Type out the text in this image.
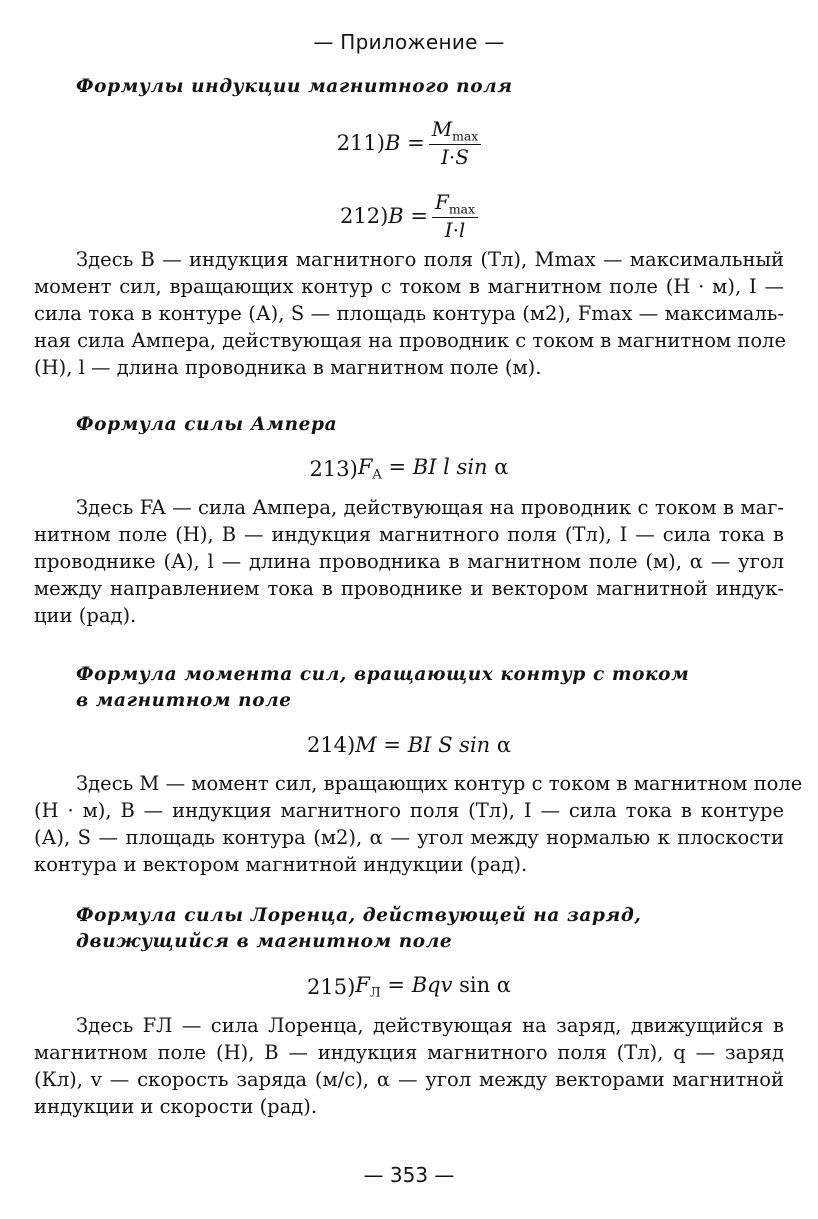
— Приложение —
Формулы индукции магнитного поля
211) $B = \frac{M_{max}}{I\cdot S}$
212) $B = \frac{F_{max}}{I\cdot l}$
Здесь B — индукция магнитного поля (Тл), Mmax — максимальный
момент сил, вращающих контур с током в магнитном поле (Н · м), I —
сила тока в контуре (А), S — площадь контура (м2), Fmax — максималь-
ная сила Ампера, действующая на проводник с током в магнитном поле
(Н), l — длина проводника в магнитном поле (м).
Формула силы Ампера
213) $F_A$ = BI l sin α
Здесь FA — сила Ампера, действующая на проводник с током в маг-
нитном поле (Н), B — индукция магнитного поля (Тл), I — сила тока в
проводнике (А), l — длина проводника в магнитном поле (м), α — угол
между направлением тока в проводнике и вектором магнитной индук-
ции (рад).
Формула момента сил, вращающих контур с током
в магнитном поле
214) M = BI S sin α
Здесь M — момент сил, вращающих контур с током в магнитном поле
(Н · м), B — индукция магнитного поля (Тл), I — сила тока в контуре
(А), S — площадь контура (м2), α — угол между нормалью к плоскости
контура и вектором магнитной индукции (рад).
Формула силы Лоренца, действующей на заряд,
движущийся в магнитном поле
215) $F_Л$ = Bqv sin α
Здесь FЛ — сила Лоренца, действующая на заряд, движущийся в
магнитном поле (Н), B — индукция магнитного поля (Тл), q — заряд
(Кл), v — скорость заряда (м/с), α — угол между векторами магнитной
индукции и скорости (рад).
— 353 —
